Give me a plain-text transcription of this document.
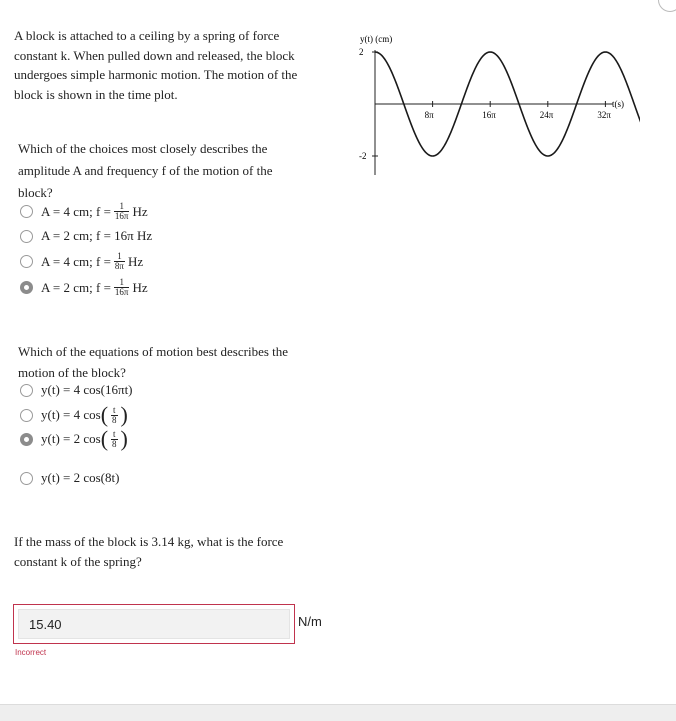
A block is attached to a ceiling by a spring of force constant k. When pulled down and released, the block undergoes simple harmonic motion. The motion of the block is shown in the time plot.
y(t) (cm)
t(s)
2
-2
8π	16π	24π	32π
Which of the choices most closely describes the amplitude A and frequency f of the motion of the block?
A = 4 cm; $f = \frac{1}{16\pi}$ Hz
A = 2 cm; f = 16π Hz
A = 4 cm; $f = \frac{1}{8\pi}$ Hz
A = 2 cm; $f = \frac{1}{16\pi}$ Hz
Which of the equations of motion best describes the motion of the block?
y(t) = 4 cos(16πt)
y(t) = 4 cos ( $\frac{t}{8}$ )
y(t) = 2 cos ( $\frac{t}{8}$ )
y(t) = 2 cos(8t)
If the mass of the block is 3.14 kg, what is the force constant k of the spring?
15.40	N/m
Incorrect
